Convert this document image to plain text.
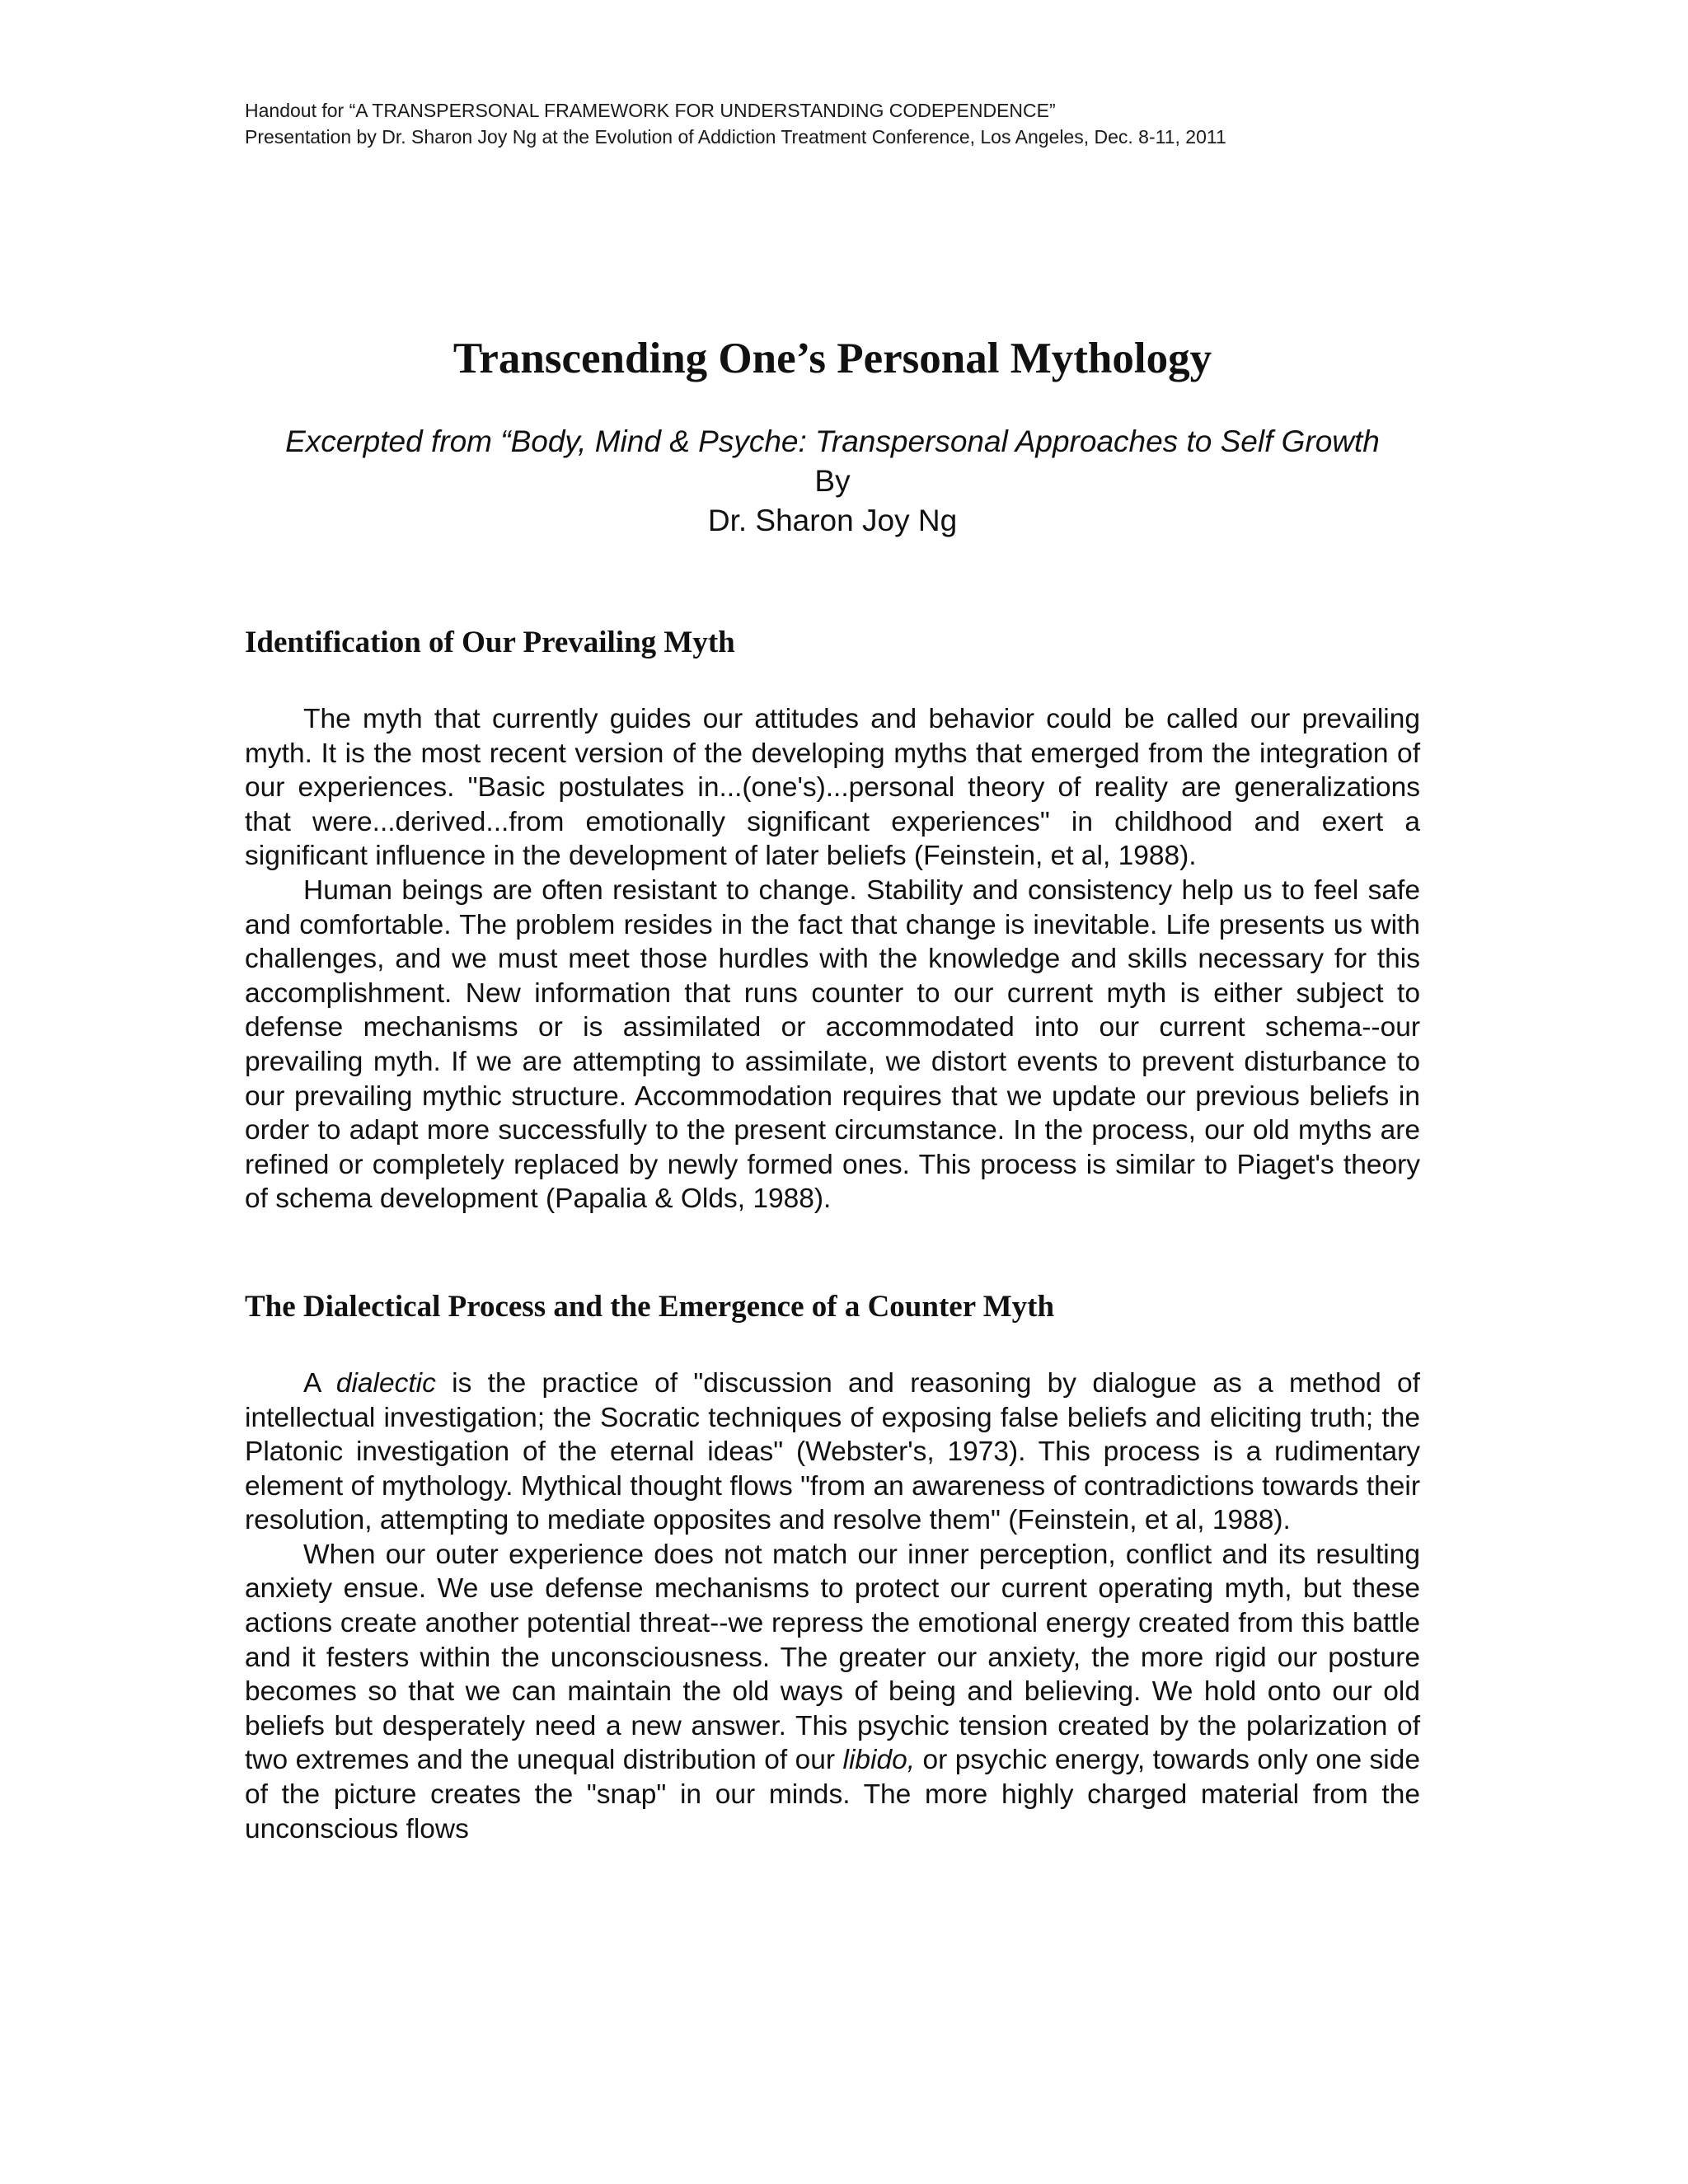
Handout for “A TRANSPERSONAL FRAMEWORK FOR UNDERSTANDING CODEPENDENCE”
Presentation by Dr. Sharon Joy Ng at the Evolution of Addiction Treatment Conference, Los Angeles, Dec. 8-11, 2011
Transcending One’s Personal Mythology
Excerpted from “Body, Mind & Psyche: Transpersonal Approaches to Self Growth
By
Dr. Sharon Joy Ng
Identification of Our Prevailing Myth

The myth that currently guides our attitudes and behavior could be called our prevailing myth. It is the most recent version of the developing myths that emerged from the integration of our experiences. "Basic postulates in...(one's)...personal theory of reality are generalizations that were...derived...from emotionally significant experiences" in childhood and exert a significant influence in the development of later beliefs (Feinstein, et al, 1988).

Human beings are often resistant to change. Stability and consistency help us to feel safe and comfortable. The problem resides in the fact that change is inevitable. Life presents us with challenges, and we must meet those hurdles with the knowledge and skills necessary for this accomplishment. New information that runs counter to our current myth is either subject to defense mechanisms or is assimilated or accommodated into our current schema--our prevailing myth. If we are attempting to assimilate, we distort events to prevent disturbance to our prevailing mythic structure. Accommodation requires that we update our previous beliefs in order to adapt more successfully to the present circumstance. In the process, our old myths are refined or completely replaced by newly formed ones. This process is similar to Piaget's theory of schema development (Papalia & Olds, 1988).

The Dialectical Process and the Emergence of a Counter Myth

A dialectic is the practice of "discussion and reasoning by dialogue as a method of intellectual investigation; the Socratic techniques of exposing false beliefs and eliciting truth; the Platonic investigation of the eternal ideas" (Webster's, 1973). This process is a rudimentary element of mythology. Mythical thought flows "from an awareness of contradictions towards their resolution, attempting to mediate opposites and resolve them" (Feinstein, et al, 1988).

When our outer experience does not match our inner perception, conflict and its resulting anxiety ensue. We use defense mechanisms to protect our current operating myth, but these actions create another potential threat--we repress the emotional energy created from this battle and it festers within the unconsciousness. The greater our anxiety, the more rigid our posture becomes so that we can maintain the old ways of being and believing. We hold onto our old beliefs but desperately need a new answer. This psychic tension created by the polarization of two extremes and the unequal distribution of our libido, or psychic energy, towards only one side of the picture creates the "snap" in our minds. The more highly charged material from the unconscious flows
